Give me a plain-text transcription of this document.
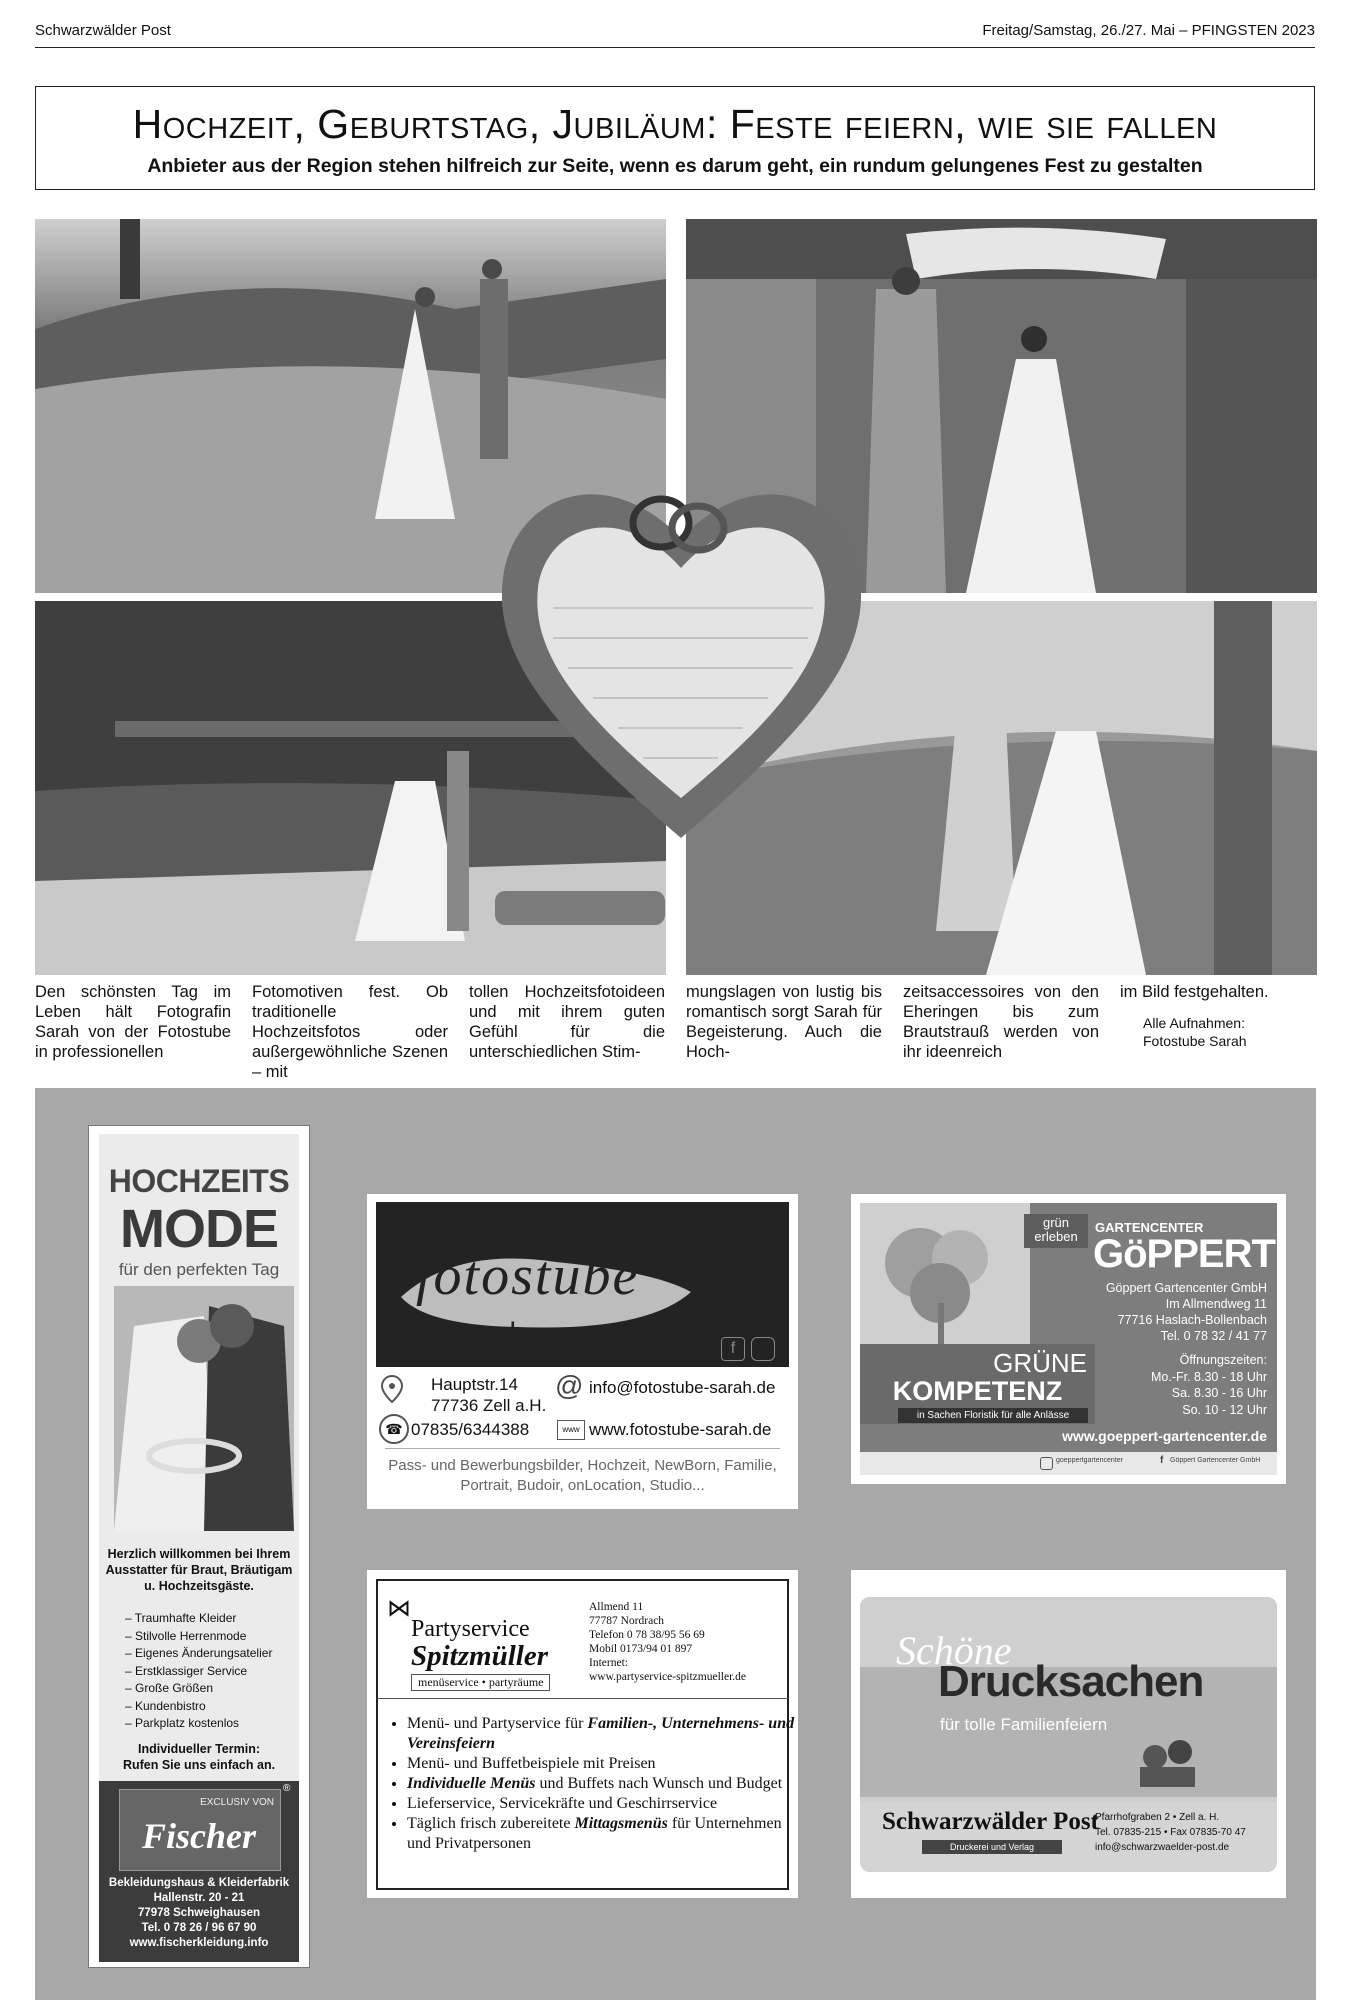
Schwarzwälder Post	Freitag/Samstag, 26./27. Mai – PFINGSTEN 2023
Hochzeit, Geburtstag, Jubiläum: Feste feiern, wie sie fallen
Anbieter aus der Region stehen hilfreich zur Seite, wenn es darum geht, ein rundum gelungenes Fest zu gestalten
Den schönsten Tag im Leben hält Fotografin Sarah von der Fotostube in professionellen
Fotomotiven fest. Ob traditionelle Hochzeitsfotos oder außergewöhnliche Szenen – mit
tollen Hochzeitsfotoideen und mit ihrem guten Gefühl für die unterschiedlichen Stim-
mungslagen von lustig bis romantisch sorgt Sarah für Begeisterung. Auch die Hoch-
zeitsaccessoires von den Eheringen bis zum Brautstrauß werden von ihr ideenreich
im Bild festgehalten.
Alle Aufnahmen:
Fotostube Sarah
HOCHZEITS
MODE
für den perfekten Tag
Herzlich willkommen bei Ihrem Ausstatter für Braut, Bräutigam u. Hochzeitsgäste.
– Traumhafte Kleider
– Stilvolle Herrenmode
– Eigenes Änderungsatelier
– Erstklassiger Service
– Große Größen
– Kundenbistro
– Parkplatz kostenlos
Individueller Termin: Rufen Sie uns einfach an.
EXCLUSIV VON
Fischer
®
Bekleidungshaus & Kleiderfabrik
Hallenstr. 20 - 21
77978 Schweighausen
Tel. 0 78 26 / 96 67 90
www.fischerkleidung.info
fotostube
Sarah	f
Hauptstr.14
77736 Zell a.H.
@ info@fotostube-sarah.de
☎ 07835/6344388	www www.fotostube-sarah.de
Pass- und Bewerbungsbilder, Hochzeit, NewBorn, Familie, Portrait, Budoir, onLocation, Studio...
grün
erleben
GARTENCENTER
GöPPERT
Göppert Gartencenter GmbH
Im Allmendweg 11
77716 Haslach-Bollenbach
Tel. 0 78 32 / 41 77
GRÜNE
KOMPETENZ
in Sachen Floristik für alle Anlässe
Öffnungszeiten:
Mo.-Fr. 8.30 - 18 Uhr
Sa. 8.30 - 16 Uhr
So. 10 - 12 Uhr
www.goeppert-gartencenter.de
goeppertgartencenter	f Göppert Gartencenter GmbH
⋈
Partyservice
Spitzmüller
menüservice • partyräume
Allmend 11
77787 Nordrach
Telefon 0 78 38/95 56 69
Mobil 0173/94 01 897
Internet:
www.partyservice-spitzmueller.de
• Menü- und Partyservice für Familien-, Unternehmens- und Vereinsfeiern
• Menü- und Buffetbeispiele mit Preisen
• Individuelle Menüs und Buffets nach Wunsch und Budget
• Lieferservice, Servicekräfte und Geschirrservice
• Täglich frisch zubereitete Mittagsmenüs für Unternehmen und Privatpersonen
Schöne
Drucksachen
für tolle Familienfeiern
Schwarzwälder Post
Druckerei und Verlag
Pfarrhofgraben 2 • Zell a. H.
Tel. 07835-215 • Fax 07835-70 47
info@schwarzwaelder-post.de
